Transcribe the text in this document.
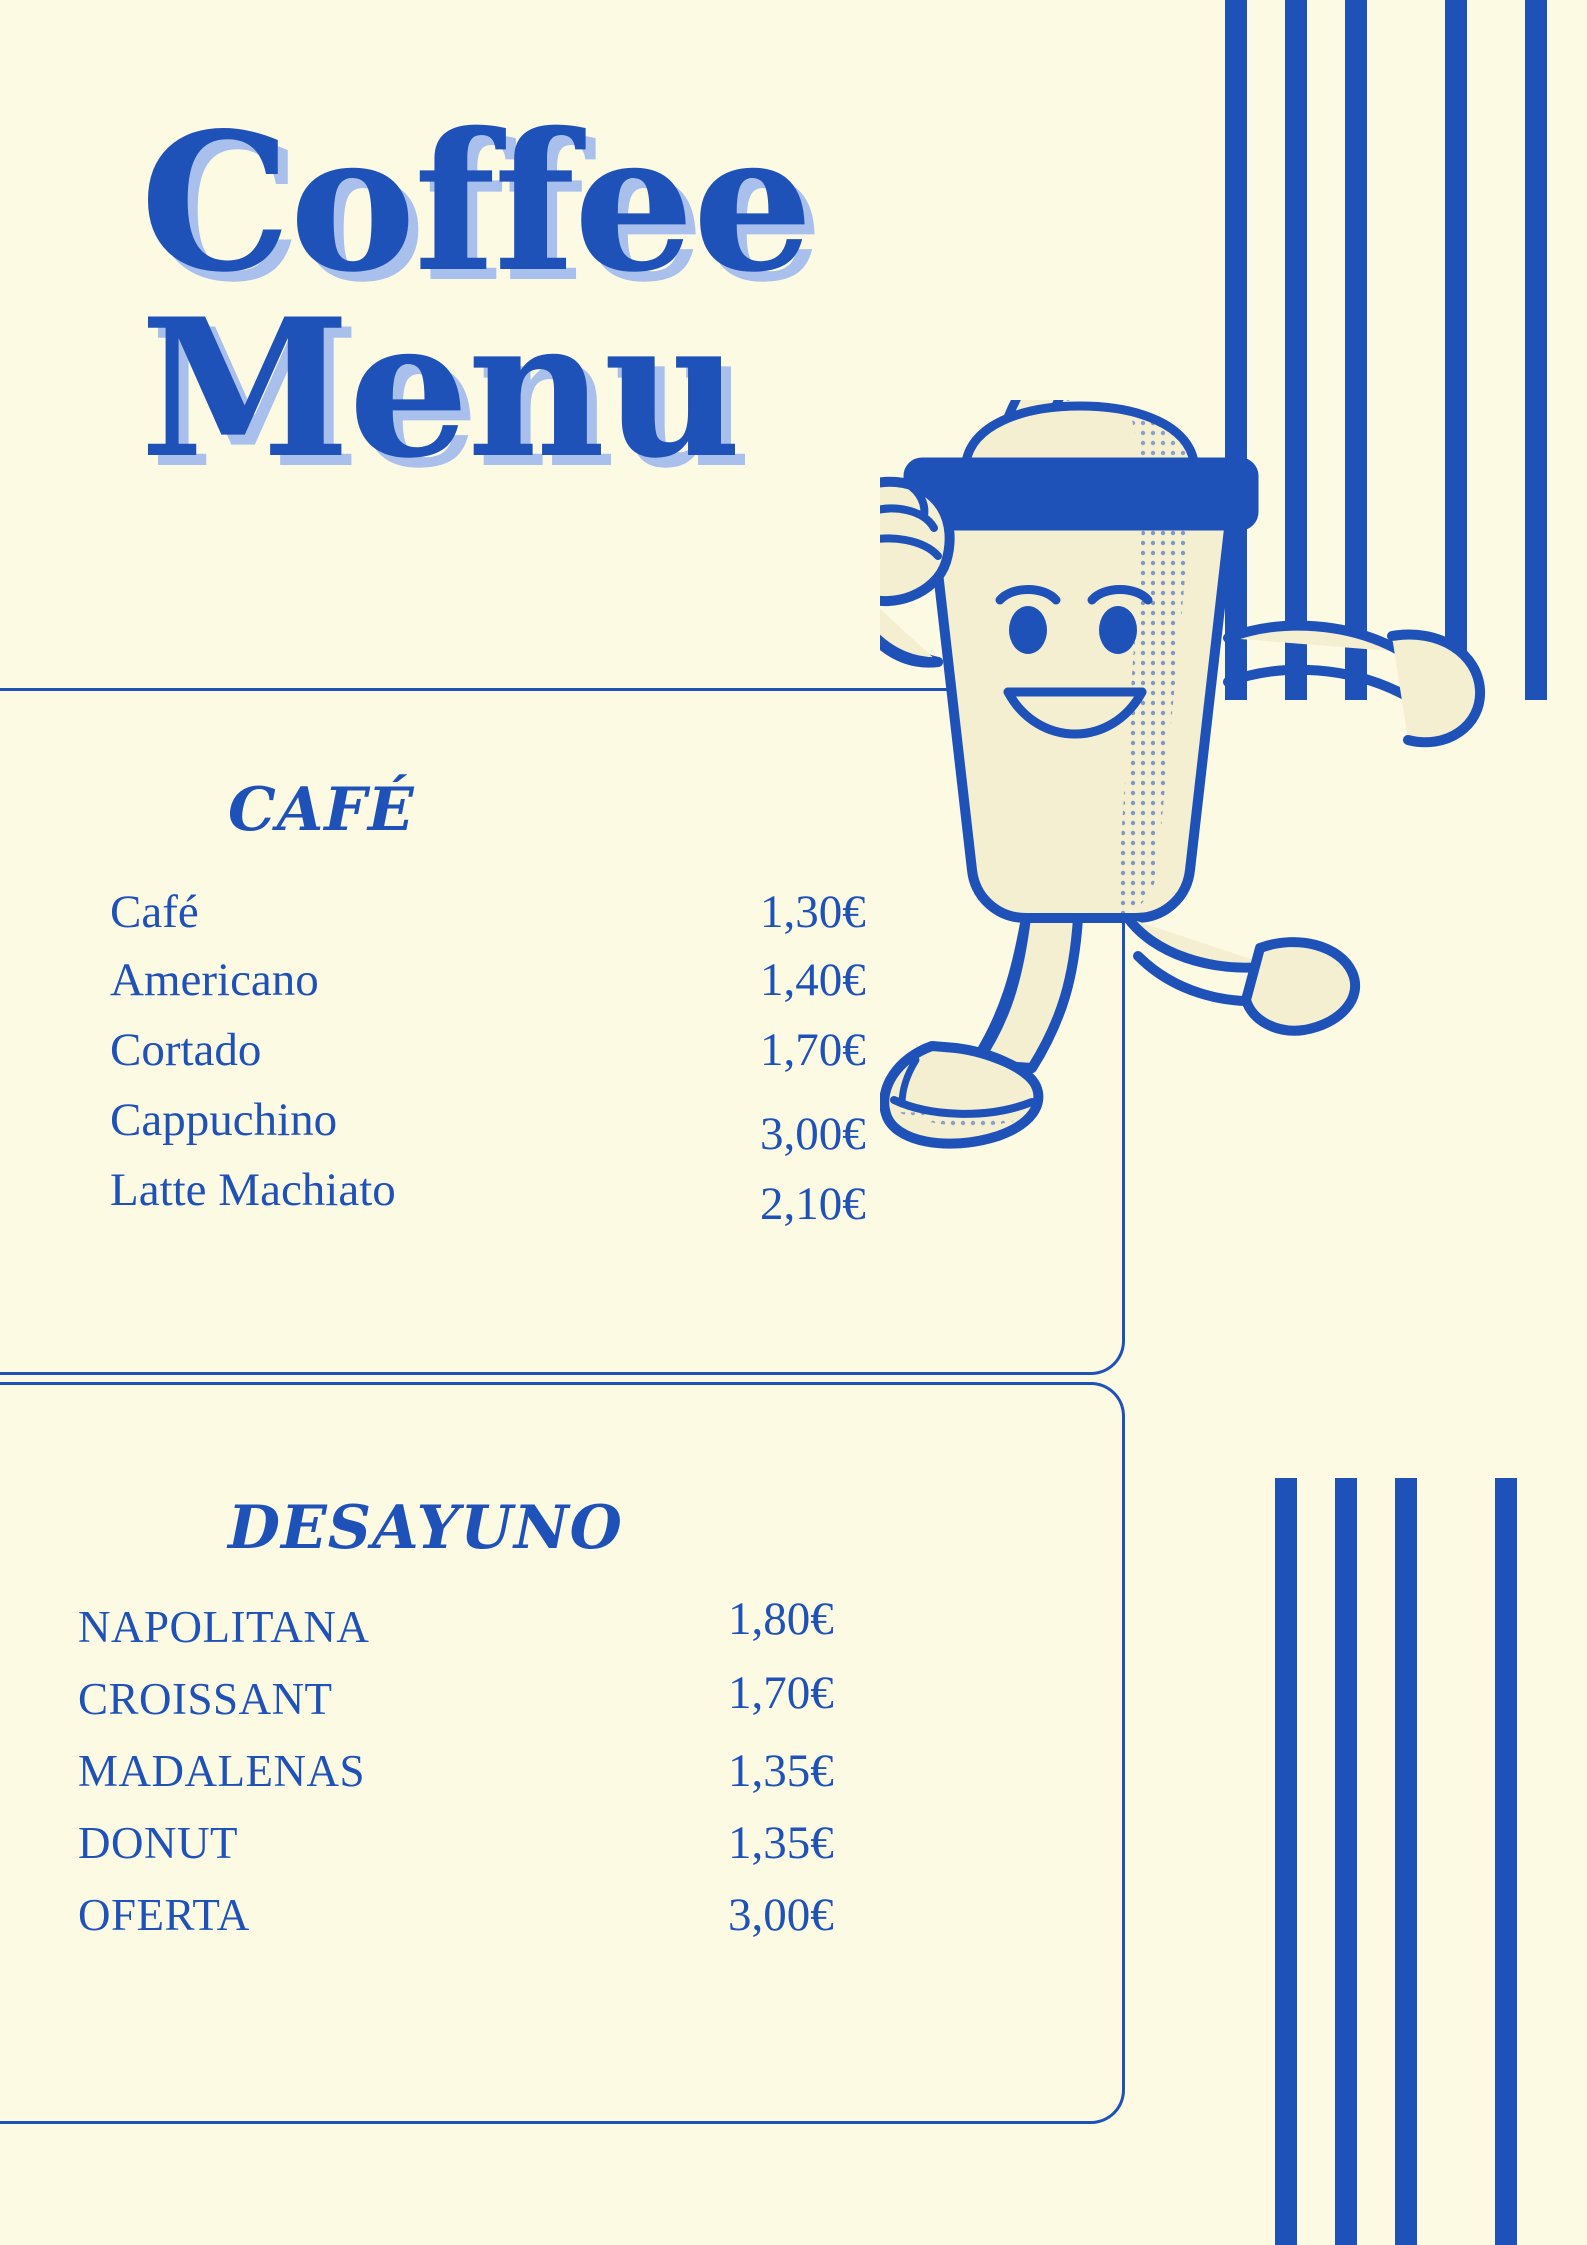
Coffee
Menu
CAFÉ
Café	1,30€
Americano	1,40€
Cortado	1,70€
Cappuchino	3,00€
Latte Machiato	2,10€
DESAYUNO
NAPOLITANA	1,80€
CROISSANT	1,70€
MADALENAS	1,35€
DONUT	1,35€
OFERTA	3,00€
